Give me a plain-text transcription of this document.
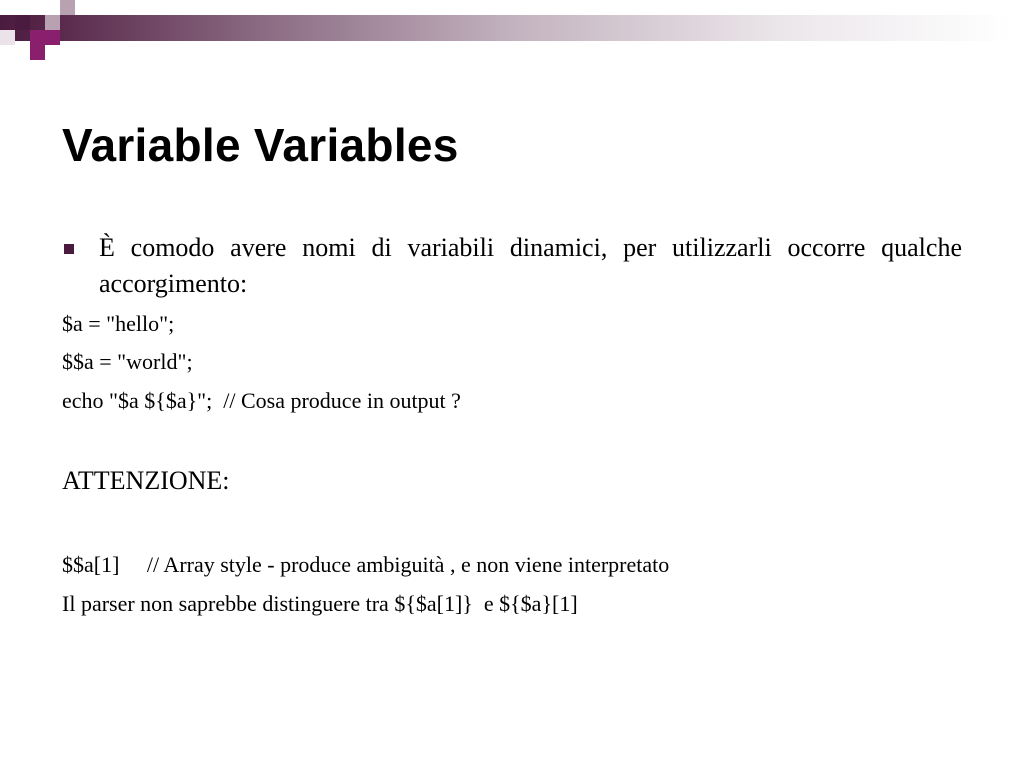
Variable Variables

È comodo avere nomi di variabili dinamici, per utilizzarli occorre qualche accorgimento:

$a = "hello";

$$a = "world";

echo "$a ${$a}";  // Cosa produce in output ?

ATTENZIONE:

$$a[1]     // Array style - produce ambiguità , e non viene interpretato

Il parser non saprebbe distinguere tra ${$a[1]}  e ${$a}[1]
